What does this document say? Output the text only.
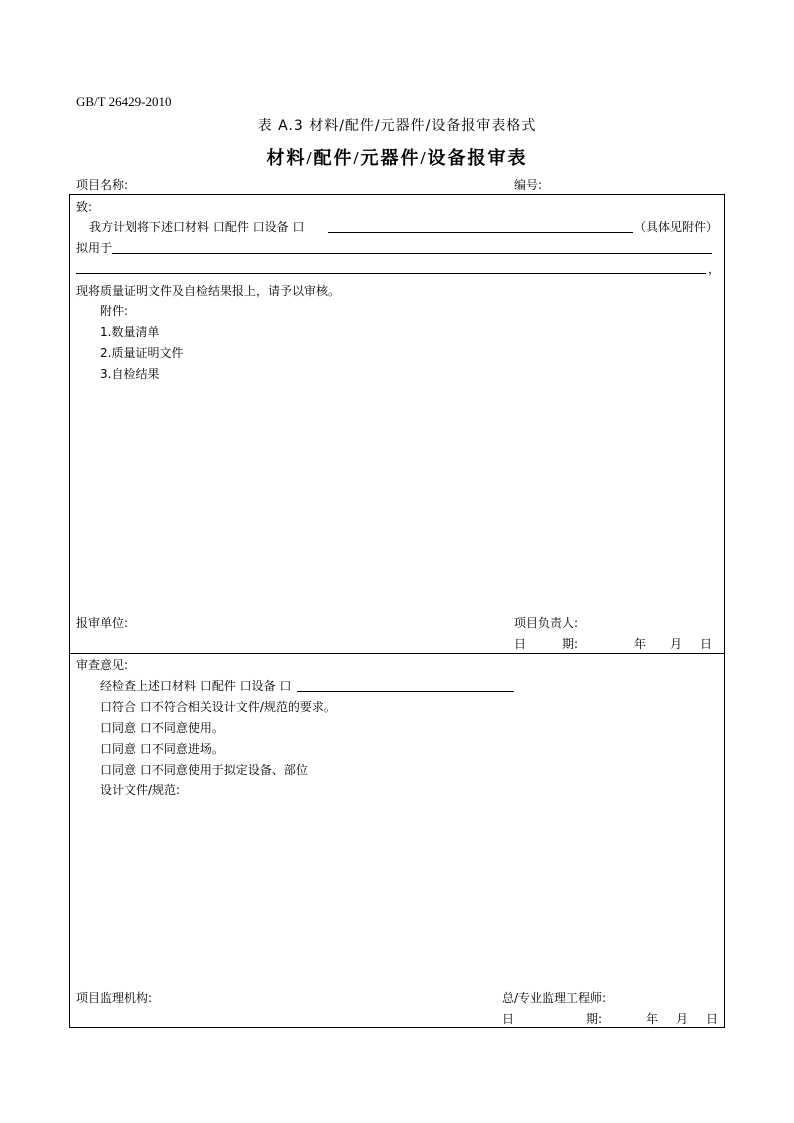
GB/T 26429-2010
表 A.3 材料/配件/元器件/设备报审表格式
材料/配件/元器件/设备报审表
项目名称:	编号:
致:
我方计划将下述口材料 口配件 口设备 口	（具体见附件）
拟用于
，
现将质量证明文件及自检结果报上，请予以审核。
附件:
1.数量清单
2.质量证明文件
3.自检结果
报审单位:	项目负责人:
日	期:	年 月 日
审查意见:
经检查上述口材料 口配件 口设备 口
口符合 口不符合相关设计文件/规范的要求。
口同意 口不同意使用。
口同意 口不同意进场。
口同意 口不同意使用于拟定设备、部位
设计文件/规范:
项目监理机构:	总/专业监理工程师:
日	期:	年 月 日
